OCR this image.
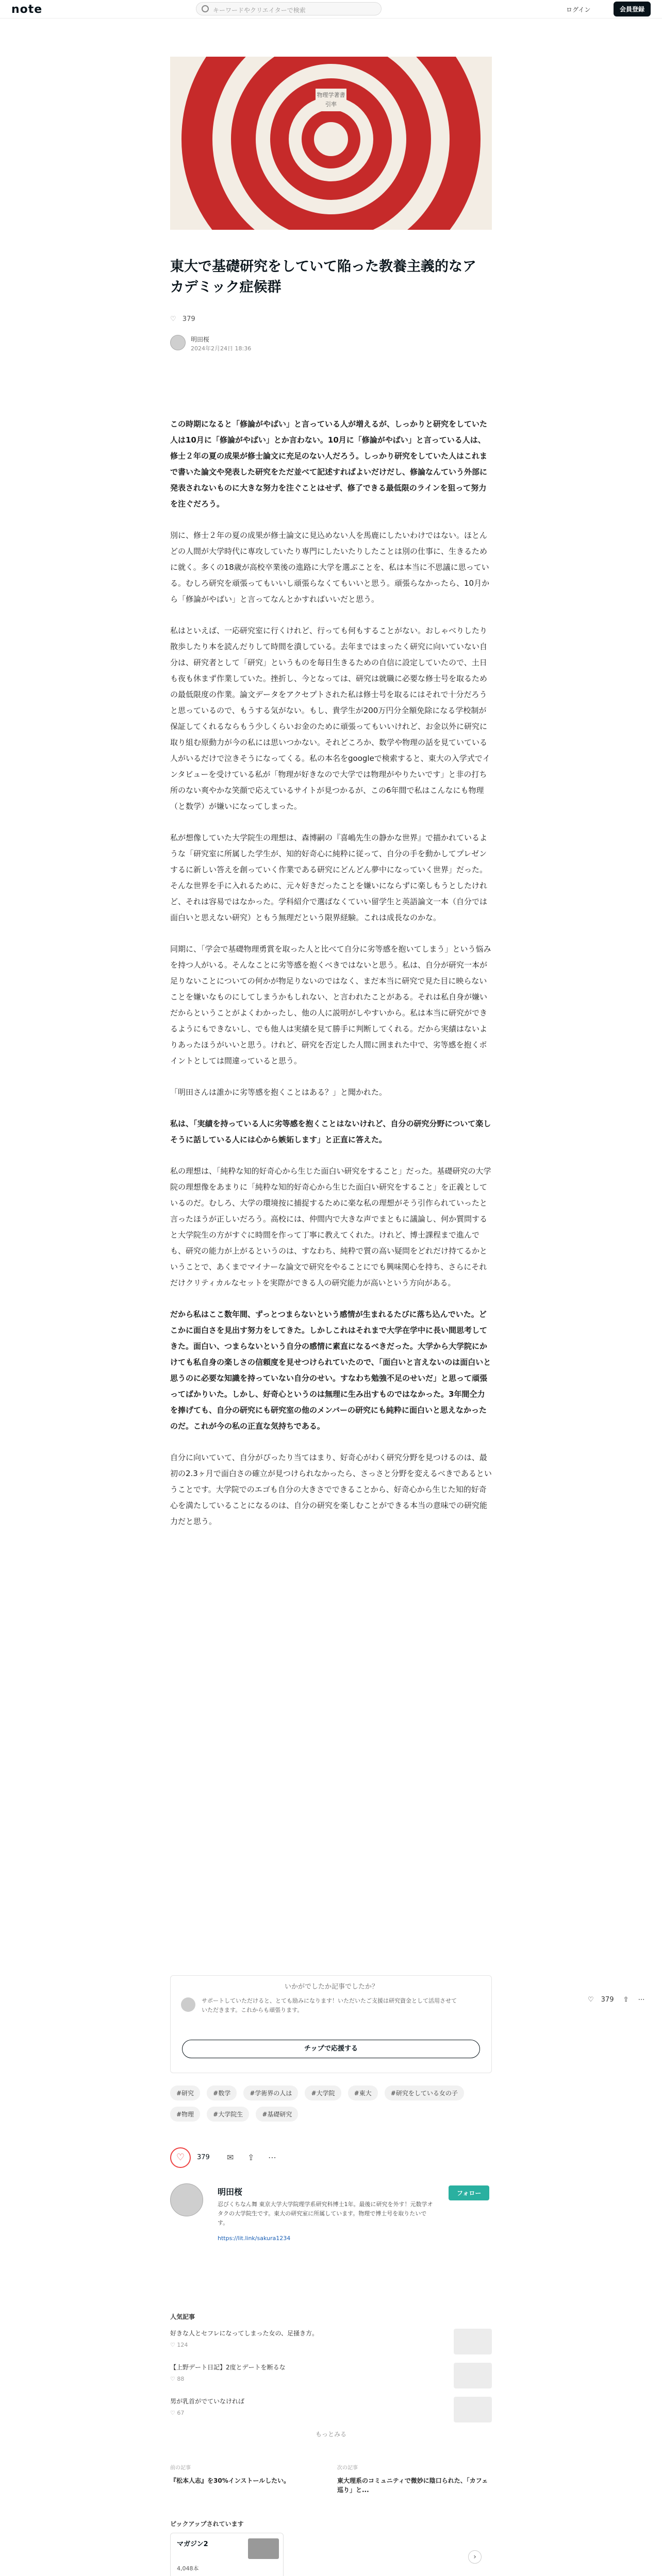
note	キーワードやクリエイターで検索	ログイン	会員登録
物理学著書
引率
東大で基礎研究をしていて陥った教養主義的なアカデミック症候群
♡ 379
明田桜
2024年2月24日 18:36

この時期になると「修論がやばい」と言っている人が増えるが、しっかりと研究をしていた人は10月に「修論がやばい」とか言わない。10月に「修論がやばい」と言っている人は、修士２年の夏の成果が修士論文に充足のない人だろう。しっかり研究をしていた人はこれまで書いた論文や発表した研究をただ並べて記述すればよいだけだし、修論なんていう外部に発表されないものに大きな努力を注ぐことはせず、修了できる最低限のラインを狙って努力を注ぐだろう。

別に、修士２年の夏の成果が修士論文に見込めない人を馬鹿にしたいわけではない。ほとんどの人間が大学時代に専攻していたり専門にしたいたりしたことは別の仕事に、生きるために就く。多くの18歳が高校卒業後の進路に大学を選ぶことを、私は本当に不思議に思っている。むしろ研究を頑張ってもいいし頑張らなくてもいいと思う。頑張らなかったら、10月から「修論がやばい」と言ってなんとかすればいいだと思う。

私はといえば、一応研究室に行くけれど、行っても何もすることがない。おしゃべりしたり散歩したり本を読んだりして時間を潰している。去年まではまったく研究に向いていない自分は、研究者として「研究」というものを毎日生きるための自信に設定していたので、土日も夜も休まず作業していた。挫折し、今となっては、研究は就職に必要な修士号を取るための最低限度の作業。論文データをアクセプトされた私は修士号を取るにはそれで十分だろうと思っているので、もうする気がない。もし、貴学生が200万円分全額免除になる学校制が保証してくれるならもう少しくらいお金のために頑張ってもいいけれど、お金以外に研究に取り組む原動力が今の私には思いつかない。それどころか、数学や物理の話を見ていている人がいるだけで泣きそうになってくる。私の本名をgoogleで検索すると、東大の入学式でインタビューを受けている私が「物理が好きなので大学では物理がやりたいです」と非の打ち所のない爽やかな笑顔で応えているサイトが見つかるが、この6年間で私はこんなにも物理（と数学）が嫌いになってしまった。

私が想像していた大学院生の理想は、森博嗣の『喜嶋先生の静かな世界』で描かれているような「研究室に所属した学生が、知的好奇心に純粋に従って、自分の手を動かしてプレゼンするに新しい答えを創っていく作業である研究にどんどん夢中になっていく世界」だった。そんな世界を手に入れるために、元々好きだったことを嫌いにならずに楽しもうとしたけれど、それは容易ではなかった。学科紹介で選ばなくていい留学生と英語論文一本（自分では面白いと思えない研究）ともう無理だという限界経験。これは成長なのかな。

同期に、「学会で基礎物理勇賞を取った人と比べて自分に劣等感を抱いてしまう」という悩みを持つ人がいる。そんなことに劣等感を抱くべきではないと思う。私は、自分が研究一本が足りないことについての何かが物足りないのではなく、まだ本当に研究で見た目に映らないことを嫌いなものにしてしまうかもしれない、と言われたことがある。それは私自身が嫌いだからということがよくわかったし、他の人に説明がしやすいから。私は本当に研究ができるようにもできないし、でも他人は実績を見て勝手に判断してくれる。だから実績はないよりあったほうがいいと思う。けれど、研究を否定した人間に囲まれた中で、劣等感を抱くポイントとしては間違っていると思う。

「明田さんは誰かに劣等感を抱くことはある？」と聞かれた。

私は、「実績を持っている人に劣等感を抱くことはないけれど、自分の研究分野について楽しそうに話している人には心から嫉妬します」と正直に答えた。

私の理想は、「純粋な知的好奇心から生じた面白い研究をすること」だった。基礎研究の大学院の理想像をあまりに「純粋な知的好奇心から生じた面白い研究をすること」を正義としているのだ。むしろ、大学の環境按に捕捉するために楽な私の理想がそう引作られていったと言ったほうが正しいだろう。高校には、仲間内で大きな声でまともに議論し、何か質問すると大学院生の方がすぐに時間を作って丁寧に教えてくれた。けれど、博士課程まで進んでも、研究の能力が上がるというのは、すなわち、純粋で質の高い疑問をどれだけ持てるかということで、あくまでマイナーな論文で研究をやることにでも興味関心を持ち、さらにそれだけクリティカルなセットを実際ができる人の研究能力が高いという方向がある。

だから私はここ数年間、ずっとつまらないという感情が生まれるたびに落ち込んでいた。どこかに面白さを見出す努力をしてきた。しかしこれはそれまで大学在学中に長い間思考してきた。面白い、つまらないという自分の感情に素直になるべきだった。大学から大学院にかけても私自身の楽しさの信頼度を見せつけられていたので、「面白いと言えないのは面白いと思うのに必要な知識を持っていない自分のせい。すなわち勉強不足のせいだ」と思って頑張ってばかりいた。しかし、好奇心というのは無理に生み出すものではなかった。3年間仝力を捧げても、自分の研究にも研究室の他のメンバーの研究にも純粋に面白いと思えなかったのだ。これが今の私の正直な気持ちである。

自分に向いていて、自分がぴったり当てはまり、好奇心がわく研究分野を見つけるのは、最初の2.3ヶ月で面白さの確立が見つけられなかったら、さっさと分野を変えるべきであるということです。大学院でのエゴも自分の大きさでできることから、好奇心から生じた知的好奇心を満たしていることになるのは、自分の研究を楽しむことができる本当の意味での研究能力だと思う。

♡ 379 ⇪ ⋯
いかがでしたか記事でしたか？
サポートしていただけると、とても励みになります！いただいたご支援は研究資金として活用させていただきます。これからも頑張ります。
チップで応援する
#研究	#数学	#学術界の人は	#大学院	#東大	#研究をしている女の子 #物理	#大学院生	#基礎研究
♡	379 ✉ ⇪ ⋯
明田桜
忍びくちなん舞 東京大学大学院理学系研究科博士1年。最後に研究を外す！元数学オタクの大学院生です。東大の研究室に所属しています。物理で博士号を取りたいです。
https://lit.link/sakura1234
フォロー
人気記事
好きな人とセフレになってしまった女の、足掻き方。
♡ 124
【上野デート日記】2度とデートを断るな
♡ 88
男が乳首がでていなければ
♡ 67
もっとみる
前の記事
『松本人志』を30%インストールしたい。
次の記事
東大理系のコミュニティで微妙に陰口られた、「カフェ巡り」と...
ピックアップされています
マガジン2
4,048本
›
